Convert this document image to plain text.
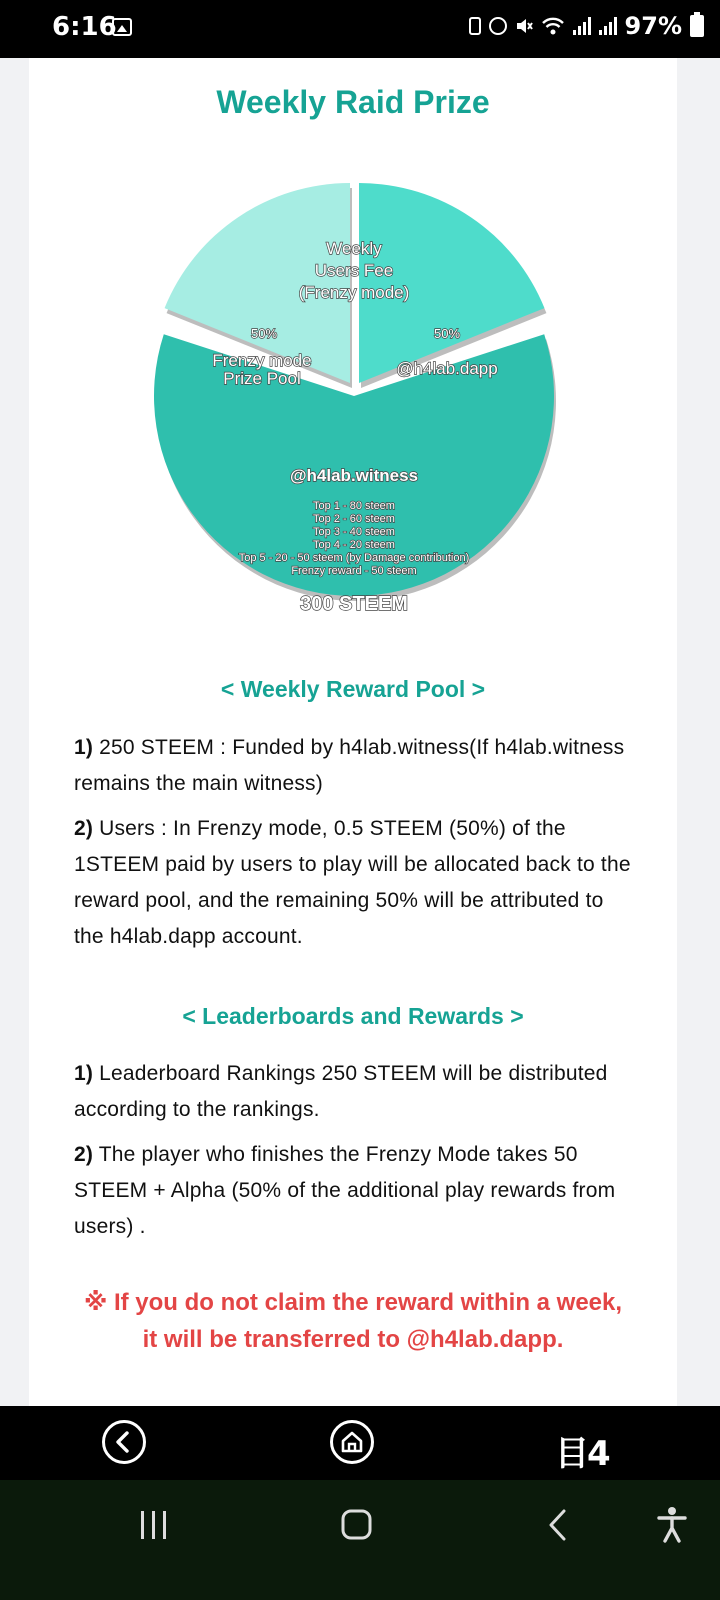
6:16	97%
Weekly Raid Prize
Weekly
Users Fee
(Frenzy mode)
50%
Frenzy mode
Prize Pool
50%
@h4lab.dapp
@h4lab.witness
Top 1 - 80 steem
Top 2 - 60 steem
Top 3 - 40 steem
Top 4 - 20 steem
Top 5 - 20 - 50 steem (by Damage contribution)
Frenzy reward - 50 steem
300 STEEM
< Weekly Reward Pool >
1) 250 STEEM : Funded by h4lab.witness(If h4lab.witness remains the main witness)
2) Users : In Frenzy mode, 0.5 STEEM (50%) of the 1STEEM paid by users to play will be allocated back to the reward pool, and the remaining 50% will be attributed to the h4lab.dapp account.
< Leaderboards and Rewards >
1) Leaderboard Rankings 250 STEEM will be distributed according to the rankings.
2) The player who finishes the Frenzy Mode takes 50 STEEM + Alpha (50% of the additional play rewards from users) .
※ If you do not claim the reward within a week,
it will be transferred to @h4lab.dapp.
目4
